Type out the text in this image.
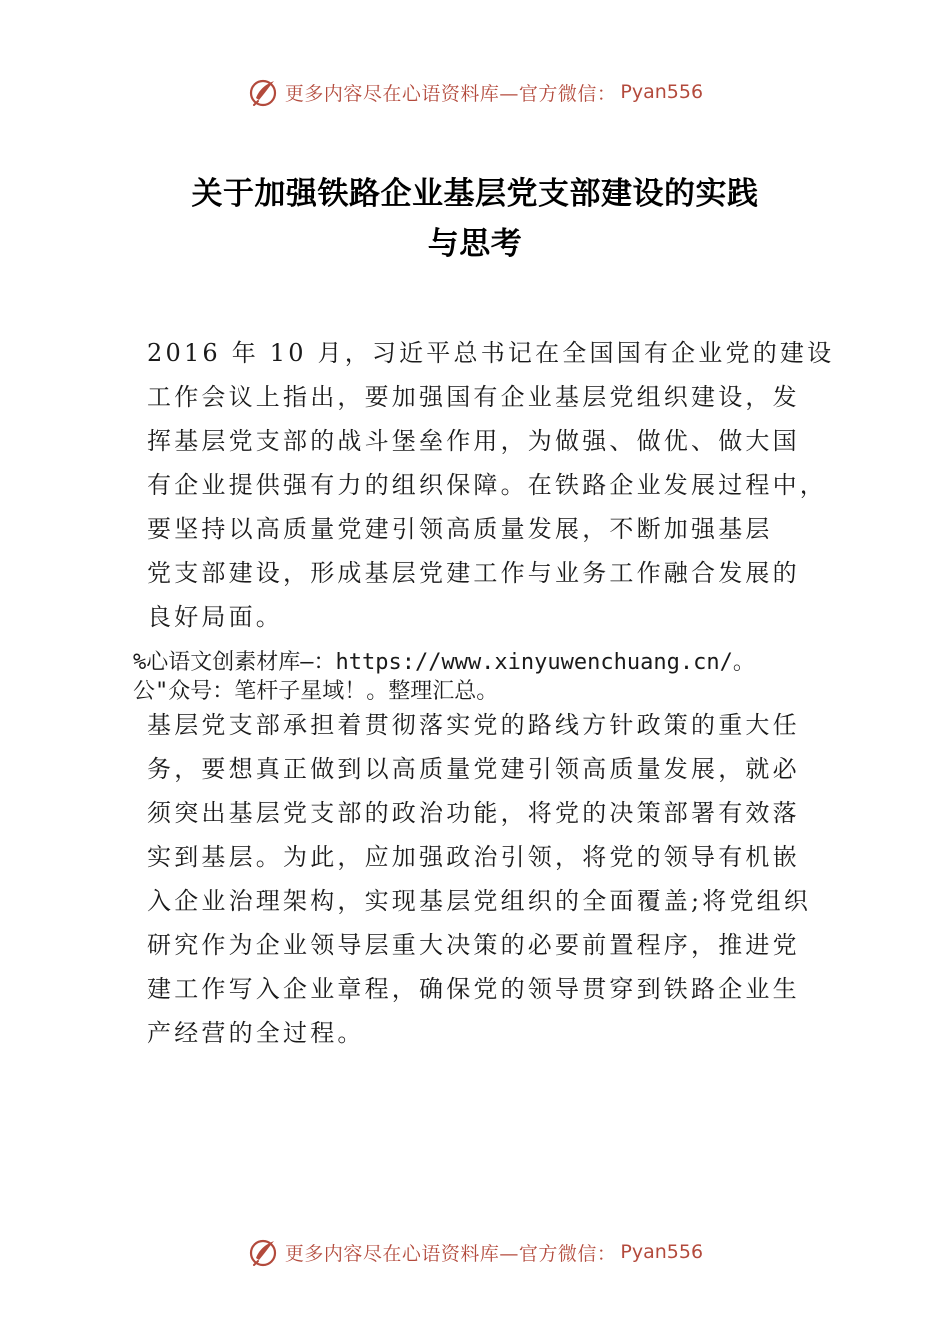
更多内容尽在心语资料库—官方微信： Pyan556
关于加强铁路企业基层党支部建设的实践
与思考

2016 年 10 月，习近平总书记在全国国有企业党的建设

工作会议上指出，要加强国有企业基层党组织建设，发

挥基层党支部的战斗堡垒作用，为做强、做优、做大国

有企业提供强有力的组织保障。在铁路企业发展过程中，

要坚持以高质量党建引领高质量发展，不断加强基层

党支部建设，形成基层党建工作与业务工作融合发展的

良好局面。

%心语文创素材库—：https://www.xinyuwenchuang.cn/。

公"众号：笔杆子星域！。整理汇总。

基层党支部承担着贯彻落实党的路线方针政策的重大任

务，要想真正做到以高质量党建引领高质量发展，就必

须突出基层党支部的政治功能，将党的决策部署有效落

实到基层。为此，应加强政治引领，将党的领导有机嵌

入企业治理架构，实现基层党组织的全面覆盖;将党组织

研究作为企业领导层重大决策的必要前置程序，推进党

建工作写入企业章程，确保党的领导贯穿到铁路企业生

产经营的全过程。

更多内容尽在心语资料库—官方微信： Pyan556
